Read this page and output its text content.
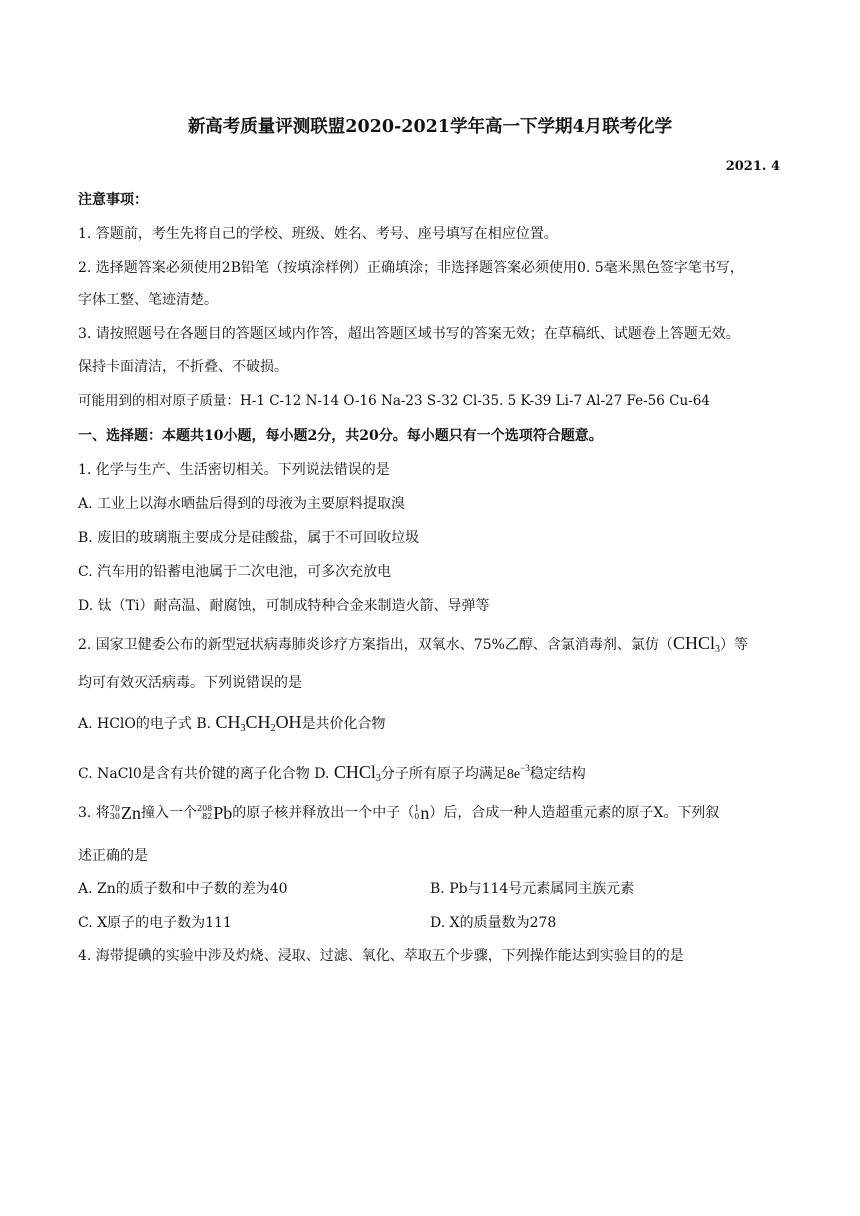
新高考质量评测联盟2020-2021学年高一下学期4月联考化学
2021. 4
注意事项：
1. 答题前，考生先将自己的学校、班级、姓名、考号、座号填写在相应位置。
2. 选择题答案必须使用2B铅笔（按填涂样例）正确填涂；非选择题答案必须使用0. 5毫米黑色签字笔书写，
字体工整、笔迹清楚。
3. 请按照题号在各题目的答题区域内作答，超出答题区域书写的答案无效；在草稿纸、试题卷上答题无效。
保持卡面清洁，不折叠、不破损。
可能用到的相对原子质量：H-1 C-12 N-14 O-16 Na-23 S-32 Cl-35. 5 K-39 Li-7 Al-27 Fe-56 Cu-64
一、选择题：本题共10小题，每小题2分，共20分。每小题只有一个选项符合题意。
1. 化学与生产、生活密切相关。下列说法错误的是
A. 工业上以海水晒盐后得到的母液为主要原料提取溴
B. 废旧的玻璃瓶主要成分是硅酸盐，属于不可回收垃圾
C. 汽车用的铅蓄电池属于二次电池，可多次充放电
D. 钛（Ti）耐高温、耐腐蚀，可制成特种合金来制造火箭、导弹等
2. 国家卫健委公布的新型冠状病毒肺炎诊疗方案指出，双氧水、75%乙醇、含氯消毒剂、氯仿（CHCl$_3$）等
均可有效灭活病毒。下列说错误的是
A. HClO的电子式 B. $CH_3CH_2OH$是共价化合物
C. NaCl0是含有共价键的离子化合物 D. CHCl$_3$分子所有原子均满足$8e^{-3}$稳定结构
3. 将 70
30 Zn撞入一个 208
82 Pb的原子核并释放出一个中子（ 1
0 n）后，合成一种人造超重元素的原子X。下列叙
述正确的是
A. Zn的质子数和中子数的差为40	B. Pb与114号元素属同主族元素
C. X原子的电子数为111	D. X的质量数为278
4. 海带提碘的实验中涉及灼烧、浸取、过滤、氧化、萃取五个步骤，下列操作能达到实验目的的是
